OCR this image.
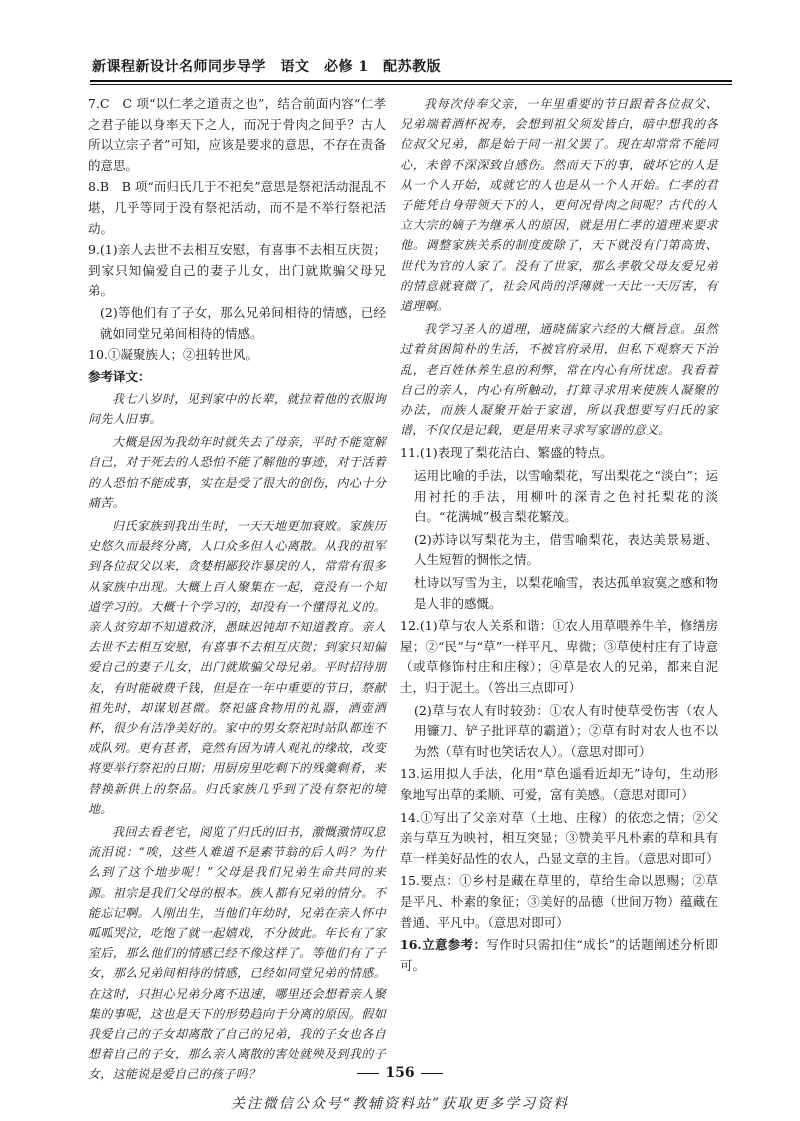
新课程新设计名师同步导学　语文　必修 1　配苏教版

7.C　C 项“以仁孝之道责之也”，结合前面内容“仁孝之君子能以身率天下之人，而况于骨肉之间乎？古人所以立宗子者”可知，应该是要求的意思，不存在责备的意思。

8.B　B 项“而归氏几于不祀矣”意思是祭祀活动混乱不堪，几乎等同于没有祭祀活动，而不是不举行祭祀活动。

9.(1)亲人去世不去相互安慰，有喜事不去相互庆贺；到家只知偏爱自己的妻子儿女，出门就欺骗父母兄弟。

(2)等他们有了子女，那么兄弟间相待的情感，已经就如同堂兄弟间相待的情感。

10.①凝聚族人；②扭转世风。

参考译文：

我七八岁时，见到家中的长辈，就拉着他的衣服询问先人旧事。

大概是因为我幼年时就失去了母亲，平时不能宽解自己，对于死去的人恐怕不能了解他的事迹，对于活着的人恐怕不能成事，实在是受了很大的创伤，内心十分痛苦。

归氏家族到我出生时，一天天地更加衰败。家族历史悠久而最终分离，人口众多但人心离散。从我的祖军到各位叔父以来，贪婪相鄙狡诈暴戾的人，常常有很多从家族中出现。大概上百人聚集在一起，竟没有一个知道学习的。大概十个学习的，却没有一个懂得礼义的。亲人贫穷却不知道救济，愚昧迟钝却不知道教育。亲人去世不去相互安慰，有喜事不去相互庆贺；到家只知偏爱自己的妻子儿女，出门就欺骗父母兄弟。平时招待朋友，有时能破费千钱，但是在一年中重要的节日，祭献祖先时，却谋划甚微。祭祀盛食物用的礼器，酒壶酒杯，很少有洁净美好的。家中的男女祭祀时站队都连不成队列。更有甚者，竟然有因为请人观礼的缘故，改变将要举行祭祀的日期；用厨房里吃剩下的残羹剩肴，来替换新供上的祭品。归氏家族几乎到了没有祭祀的境地。

我回去看老宅，阅览了归氏的旧书，激慨激情叹息流泪说：“唉，这些人难道不是素节翁的后人吗？为什么到了这个地步呢！”父母是我们兄弟生命共同的来源。祖宗是我们父母的根本。族人都有兄弟的情分。不能忘记啊。人刚出生，当他们年幼时，兄弟在亲人怀中呱呱哭泣，吃饱了就一起嬉戏，不分彼此。年长有了家室后，那么他们的情感已经不像这样了。等他们有了子女，那么兄弟间相待的情感，已经如同堂兄弟的情感。在这时，只担心兄弟分离不迅速，哪里还会想着亲人聚集的事呢，这也是天下的形势趋向于分离的原因。假如我爱自己的子女却离散了自己的兄弟，我的子女也各自想着自己的子女，那么亲人离散的害处就殃及到我的子女，这能说是爱自己的孩子吗？

我每次侍奉父亲，一年里重要的节日跟着各位叔父、兄弟端着酒杯祝寿，会想到祖父须发皆白，暗中想我的各位叔父兄弟，都是始于同一祖父罢了。现在却常常不能同心，未曾不深深致自感伤。然而天下的事，破坏它的人是从一个人开始，成就它的人也是从一个人开始。仁孝的君子能凭自身带领天下的人，更何况骨肉之间呢？古代的人立大宗的嫡子为继承人的原因，就是用仁孝的道理来要求他。调整家族关系的制度废除了，天下就没有门第高贵、世代为官的人家了。没有了世家，那么孝敬父母友爱兄弟的情意就衰微了，社会风尚的浮薄就一天比一天厉害，有道理啊。

我学习圣人的道理，通晓儒家六经的大概旨意。虽然过着贫困简朴的生活，不被官府录用，但私下观察天下治乱，老百姓休养生息的利弊，常在内心有所忧虑。我看着自己的亲人，内心有所触动，打算寻求用来使族人凝聚的办法，而族人凝聚开始于家谱，所以我想要写归氏的家谱，不仅仅是记载，更是用来寻求写家谱的意义。

11.(1)表现了梨花洁白、繁盛的特点。

运用比喻的手法，以雪喻梨花，写出梨花之“淡白”；运用衬托的手法，用柳叶的深青之色衬托梨花的淡白。“花满城”极言梨花繁茂。

(2)苏诗以写梨花为主，借雪喻梨花，表达美景易逝、人生短暂的惆怅之情。

杜诗以写雪为主，以梨花喻雪，表达孤单寂寞之感和物是人非的感慨。

12.(1)草与农人关系和谐：①农人用草喂养牛羊，修缮房屋；②“民”与“草”一样平凡、卑微；③草使村庄有了诗意（或草修饰村庄和庄稼）；④草是农人的兄弟，都来自泥土，归于泥土。（答出三点即可）

(2)草与农人有时较劲：①农人有时使草受伤害（农人用镰刀、铲子批评草的霸道）；②草有时对农人也不以为然（草有时也笑话农人）。（意思对即可）

13.运用拟人手法，化用“草色遥看近却无”诗句，生动形象地写出草的柔顺、可爱，富有美感。（意思对即可）

14.①写出了父亲对草（土地、庄稼）的依恋之情；②父亲与草互为映衬，相互突显；③赞美平凡朴素的草和具有草一样美好品性的农人，凸显文章的主旨。（意思对即可）

15.要点：①乡村是藏在草里的，草给生命以恩赐；②草是平凡、朴素的象征；③美好的品德（世间万物）蕴藏在普通、平凡中。（意思对即可）

16.立意参考：写作时只需扣住“成长”的话题阐述分析即可。

156
关注微信公众号“教辅资料站”获取更多学习资料
